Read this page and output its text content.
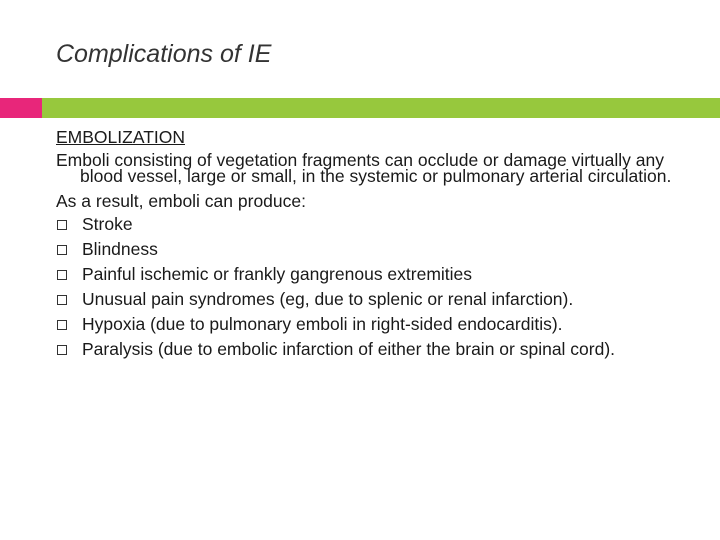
Complications of IE
EMBOLIZATION
Emboli consisting of vegetation fragments can occlude or damage virtually any blood vessel, large or small, in the systemic or pulmonary arterial circulation.
As a result, emboli can produce:
Stroke
Blindness
Painful ischemic or frankly gangrenous extremities
Unusual pain syndromes (eg, due to splenic or renal infarction).
Hypoxia (due to pulmonary emboli in right-sided endocarditis).
Paralysis (due to embolic infarction of either the brain or spinal cord).
